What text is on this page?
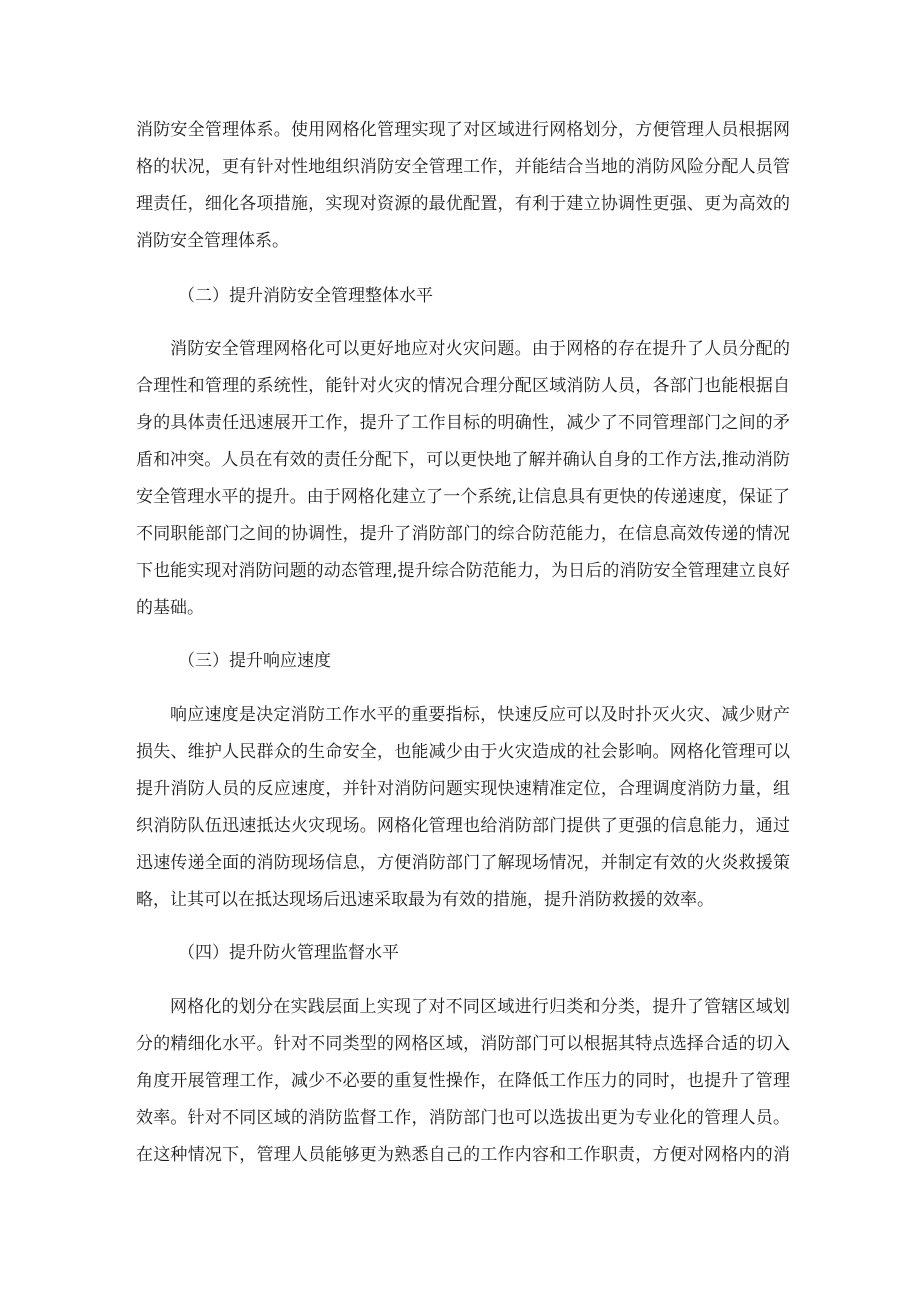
消防安全管理体系。使用网格化管理实现了对区域进行网格划分，方便管理人员根据网
格的状况，更有针对性地组织消防安全管理工作，并能结合当地的消防风险分配人员管
理责任，细化各项措施，实现对资源的最优配置，有利于建立协调性更强、更为高效的
消防安全管理体系。
（二）提升消防安全管理整体水平
消防安全管理网格化可以更好地应对火灾问题。由于网格的存在提升了人员分配的
合理性和管理的系统性，能针对火灾的情况合理分配区域消防人员，各部门也能根据自
身的具体责任迅速展开工作，提升了工作目标的明确性，减少了不同管理部门之间的矛
盾和冲突。人员在有效的责任分配下，可以更快地了解并确认自身的工作方法,推动消防
安全管理水平的提升。由于网格化建立了一个系统,让信息具有更快的传递速度，保证了
不同职能部门之间的协调性，提升了消防部门的综合防范能力，在信息高效传递的情况
下也能实现对消防问题的动态管理,提升综合防范能力，为日后的消防安全管理建立良好
的基础。
（三）提升响应速度
响应速度是决定消防工作水平的重要指标，快速反应可以及时扑灭火灾、减少财产
损失、维护人民群众的生命安全，也能减少由于火灾造成的社会影响。网格化管理可以
提升消防人员的反应速度，并针对消防问题实现快速精准定位，合理调度消防力量，组
织消防队伍迅速抵达火灾现场。网格化管理也给消防部门提供了更强的信息能力，通过
迅速传递全面的消防现场信息，方便消防部门了解现场情况，并制定有效的火炎救援策
略，让其可以在抵达现场后迅速采取最为有效的措施，提升消防救援的效率。
（四）提升防火管理监督水平
网格化的划分在实践层面上实现了对不同区域进行归类和分类，提升了管辖区域划
分的精细化水平。针对不同类型的网格区域，消防部门可以根据其特点选择合适的切入
角度开展管理工作，减少不必要的重复性操作，在降低工作压力的同时，也提升了管理
效率。针对不同区域的消防监督工作，消防部门也可以选拔出更为专业化的管理人员。
在这种情况下，管理人员能够更为熟悉自己的工作内容和工作职责，方便对网格内的消
